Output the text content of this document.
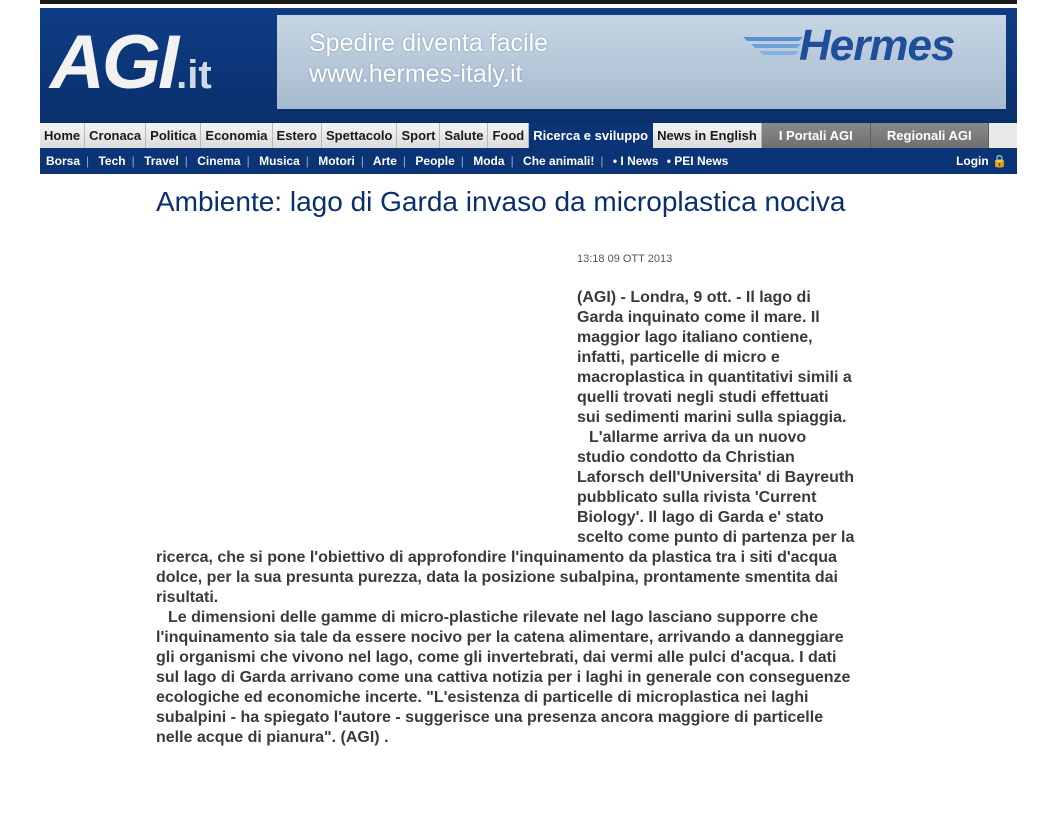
AGI.it
Spedire diventa facile
www.hermes-italy.it
Hermes
Home Cronaca Politica Economia Estero Spettacolo Sport Salute Food Ricerca e sviluppo News in English	I Portali AGI	Regionali AGI
Borsa | Tech | Travel | Cinema | Musica | Motori | Arte | People | Moda | Che animali! | • I News • PEI News	Login 🔒
Ambiente: lago di Garda invaso da microplastica nociva
13:18 09 OTT 2013

(AGI) - Londra, 9 ott. - Il lago di Garda inquinato come il mare. Il maggior lago italiano contiene, infatti, particelle di micro e macroplastica in quantitativi simili a quelli trovati negli studi effettuati sui sedimenti marini sulla spiaggia.

L'allarme arriva da un nuovo studio condotto da Christian Laforsch dell'Universita' di Bayreuth pubblicato sulla rivista 'Current Biology'. Il lago di Garda e' stato scelto come punto di partenza per la ricerca, che si pone l'obiettivo di approfondire l'inquinamento da plastica tra i siti d'acqua dolce, per la sua presunta purezza, data la posizione subalpina, prontamente smentita dai risultati.

Le dimensioni delle gamme di micro-plastiche rilevate nel lago lasciano supporre che l'inquinamento sia tale da essere nocivo per la catena alimentare, arrivando a danneggiare gli organismi che vivono nel lago, come gli invertebrati, dai vermi alle pulci d'acqua. I dati sul lago di Garda arrivano come una cattiva notizia per i laghi in generale con conseguenze ecologiche ed economiche incerte. "L'esistenza di particelle di microplastica nei laghi subalpini - ha spiegato l'autore - suggerisce una presenza ancora maggiore di particelle nelle acque di pianura". (AGI) .
